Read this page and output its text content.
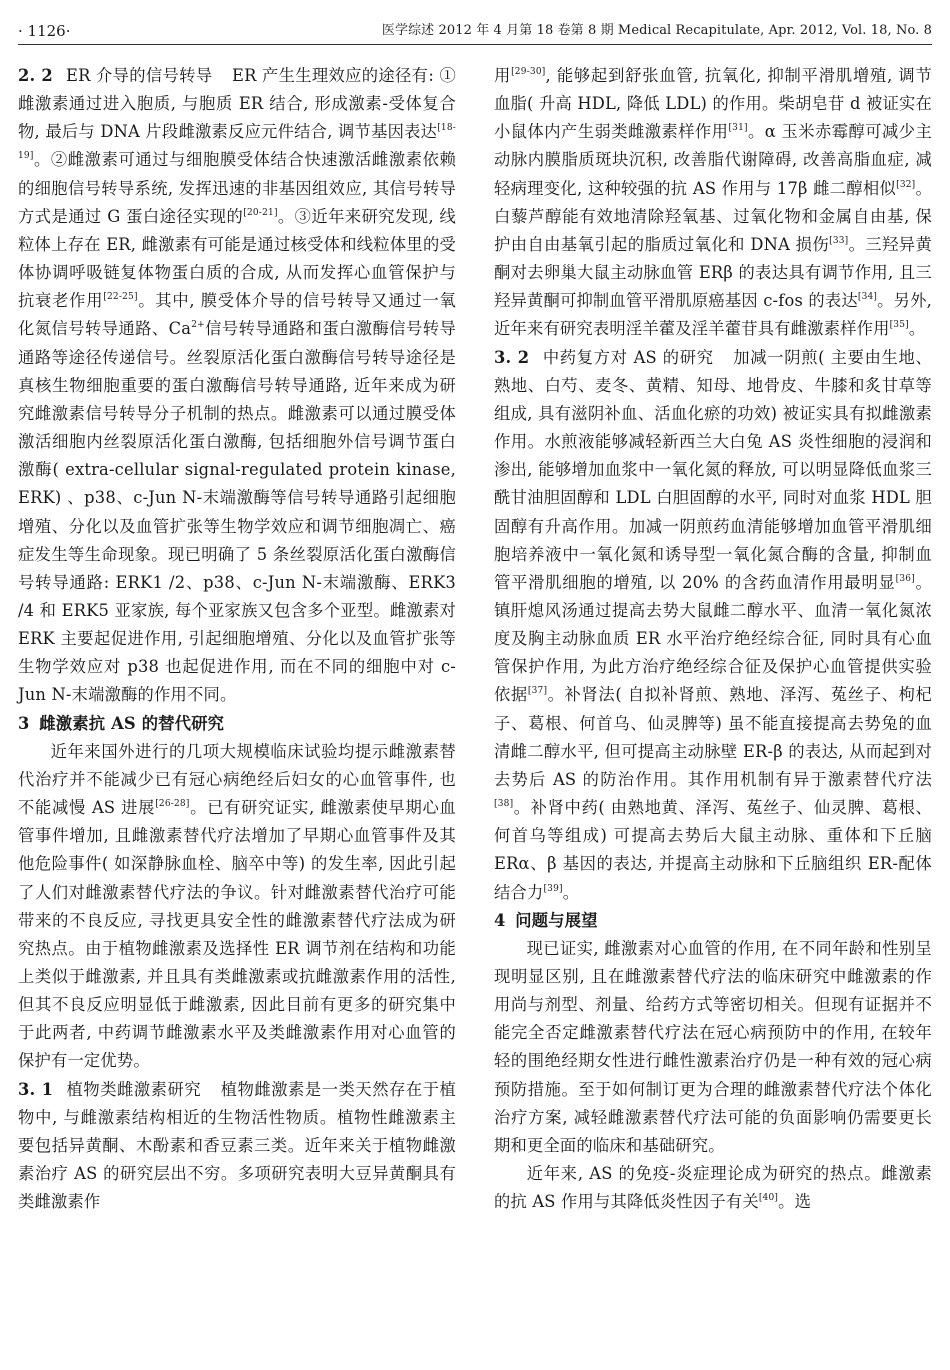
· 1126·	医学综述 2012 年 4 月第 18 卷第 8 期 Medical Recapitulate, Apr. 2012, Vol. 18, No. 8

2. 2 ER 介导的信号转导 ER 产生生理效应的途径有: ①雌激素通过进入胞质, 与胞质 ER 结合, 形成激素-受体复合物, 最后与 DNA 片段雌激素反应元件结合, 调节基因表达[18-19]。②雌激素可通过与细胞膜受体结合快速激活雌激素依赖的细胞信号转导系统, 发挥迅速的非基因组效应, 其信号转导方式是通过 G 蛋白途径实现的[20-21]。③近年来研究发现, 线粒体上存在 ER, 雌激素有可能是通过核受体和线粒体里的受体协调呼吸链复体物蛋白质的合成, 从而发挥心血管保护与抗衰老作用[22-25]。其中, 膜受体介导的信号转导又通过一氧化氮信号转导通路、$Ca^{2+}$信号转导通路和蛋白激酶信号转导通路等途径传递信号。丝裂原活化蛋白激酶信号转导途径是真核生物细胞重要的蛋白激酶信号转导通路, 近年来成为研究雌激素信号转导分子机制的热点。雌激素可以通过膜受体激活细胞内丝裂原活化蛋白激酶, 包括细胞外信号调节蛋白激酶( extra-cellular signal-regulated protein kinase, ERK) 、p38、c-Jun N-末端激酶等信号转导通路引起细胞增殖、分化以及血管扩张等生物学效应和调节细胞凋亡、癌症发生等生命现象。现已明确了 5 条丝裂原活化蛋白激酶信号转导通路: ERK1 /2、p38、c-Jun N-末端激酶、ERK3 /4 和 ERK5 亚家族, 每个亚家族又包含多个亚型。雌激素对 ERK 主要起促进作用, 引起细胞增殖、分化以及血管扩张等生物学效应对 p38 也起促进作用, 而在不同的细胞中对 c-Jun N-末端激酶的作用不同。

3 雌激素抗 AS 的替代研究

近年来国外进行的几项大规模临床试验均提示雌激素替代治疗并不能减少已有冠心病绝经后妇女的心血管事件, 也不能减慢 AS 进展[26-28]。已有研究证实, 雌激素使早期心血管事件增加, 且雌激素替代疗法增加了早期心血管事件及其他危险事件( 如深静脉血栓、脑卒中等) 的发生率, 因此引起了人们对雌激素替代疗法的争议。针对雌激素替代治疗可能带来的不良反应, 寻找更具安全性的雌激素替代疗法成为研究热点。由于植物雌激素及选择性 ER 调节剂在结构和功能上类似于雌激素, 并且具有类雌激素或抗雌激素作用的活性, 但其不良反应明显低于雌激素, 因此目前有更多的研究集中于此两者, 中药调节雌激素水平及类雌激素作用对心血管的保护有一定优势。

3. 1 植物类雌激素研究 植物雌激素是一类天然存在于植物中, 与雌激素结构相近的生物活性物质。植物性雌激素主要包括异黄酮、木酚素和香豆素三类。近年来关于植物雌激素治疗 AS 的研究层出不穷。多项研究表明大豆异黄酮具有类雌激素作

用[29-30], 能够起到舒张血管, 抗氧化, 抑制平滑肌增殖, 调节血脂( 升高 HDL, 降低 LDL) 的作用。柴胡皂苷 d 被证实在小鼠体内产生弱类雌激素样作用[31]。α 玉米赤霉醇可减少主动脉内膜脂质斑块沉积, 改善脂代谢障碍, 改善高脂血症, 减轻病理变化, 这种较强的抗 AS 作用与 17β 雌二醇相似[32]。白藜芦醇能有效地清除羟氧基、过氧化物和金属自由基, 保护由自由基氧引起的脂质过氧化和 DNA 损伤[33]。三羟异黄酮对去卵巢大鼠主动脉血管 ERβ 的表达具有调节作用, 且三羟异黄酮可抑制血管平滑肌原癌基因 c-fos 的表达[34]。另外, 近年来有研究表明淫羊藿及淫羊藿苷具有雌激素样作用[35]。

3. 2 中药复方对 AS 的研究 加减一阴煎( 主要由生地、熟地、白芍、麦冬、黄精、知母、地骨皮、牛膝和炙甘草等组成, 具有滋阴补血、活血化瘀的功效) 被证实具有拟雌激素作用。水煎液能够减轻新西兰大白兔 AS 炎性细胞的浸润和渗出, 能够增加血浆中一氧化氮的释放, 可以明显降低血浆三酰甘油胆固醇和 LDL 白胆固醇的水平, 同时对血浆 HDL 胆固醇有升高作用。加减一阴煎药血清能够增加血管平滑肌细胞培养液中一氧化氮和诱导型一氧化氮合酶的含量, 抑制血管平滑肌细胞的增殖, 以 20% 的含药血清作用最明显[36]。镇肝熄风汤通过提高去势大鼠雌二醇水平、血清一氧化氮浓度及胸主动脉血质 ER 水平治疗绝经综合征, 同时具有心血管保护作用, 为此方治疗绝经综合征及保护心血管提供实验依据[37]。补肾法( 自拟补肾煎、熟地、泽泻、菟丝子、枸杞子、葛根、何首乌、仙灵脾等) 虽不能直接提高去势兔的血清雌二醇水平, 但可提高主动脉壁 ER-β 的表达, 从而起到对去势后 AS 的防治作用。其作用机制有异于激素替代疗法[38]。补肾中药( 由熟地黄、泽泻、菟丝子、仙灵脾、葛根、何首乌等组成) 可提高去势后大鼠主动脉、重体和下丘脑 ERα、β 基因的表达, 并提高主动脉和下丘脑组织 ER-配体结合力[39]。

4 问题与展望

现已证实, 雌激素对心血管的作用, 在不同年龄和性别呈现明显区别, 且在雌激素替代疗法的临床研究中雌激素的作用尚与剂型、剂量、给药方式等密切相关。但现有证据并不能完全否定雌激素替代疗法在冠心病预防中的作用, 在较年轻的围绝经期女性进行雌性激素治疗仍是一种有效的冠心病预防措施。至于如何制订更为合理的雌激素替代疗法个体化治疗方案, 减轻雌激素替代疗法可能的负面影响仍需要更长期和更全面的临床和基础研究。

近年来, AS 的免疫-炎症理论成为研究的热点。雌激素的抗 AS 作用与其降低炎性因子有关[40]。选
